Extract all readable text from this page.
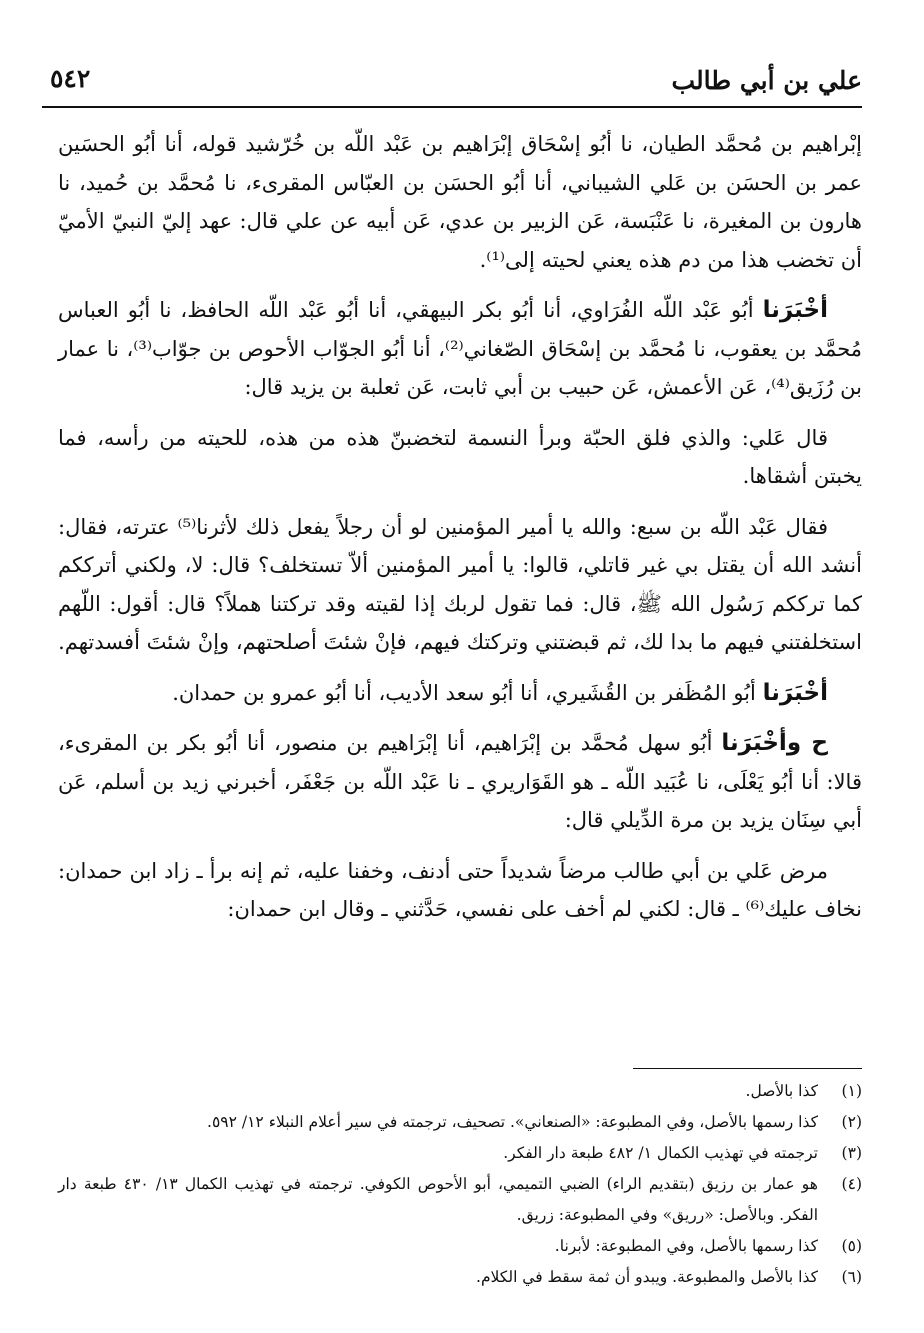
علي بن أبي طالب
٥٤٢

إبْراهيم بن مُحمَّد الطيان، نا أبُو إسْحَاق إبْرَاهيم بن عَبْد اللّه بن خُرّشيد قوله، أنا أبُو الحسَين عمر بن الحسَن بن عَلي الشيباني، أنا أبُو الحسَن بن العبّاس المقرىء، نا مُحمَّد بن حُميد، نا هارون بن المغيرة، نا عَنْبَسة، عَن الزبير بن عدي، عَن أبيه عن علي قال: عهد إليّ النبيّ الأميّ أن تخضب هذا من دم هذه يعني لحيته إلى⁽¹⁾.

أخْبَرَنا أبُو عَبْد اللّه الفُرَاوي، أنا أبُو بكر البيهقي، أنا أبُو عَبْد اللّه الحافظ، نا أبُو العباس مُحمَّد بن يعقوب، نا مُحمَّد بن إسْحَاق الصّغاني⁽²⁾، أنا أبُو الجوّاب الأحوص بن جوّاب⁽³⁾، نا عمار بن رُزَيق⁽⁴⁾، عَن الأعمش، عَن حبيب بن أبي ثابت، عَن ثعلبة بن يزيد قال:

قال عَلي: والذي فلق الحبّة وبرأ النسمة لتخضبنّ هذه من هذه، للحيته من رأسه، فما يخبتن أشقاها.

فقال عَبْد اللّه بن سبع: والله يا أمير المؤمنين لو أن رجلاً يفعل ذلك لأثرنا⁽⁵⁾ عترته، فقال: أنشد الله أن يقتل بي غير قاتلي، قالوا: يا أمير المؤمنين ألاّ تستخلف؟ قال: لا، ولكني أترككم كما ترككم رَسُول الله ﷺ، قال: فما تقول لربك إذا لقيته وقد تركتنا هملاً؟ قال: أقول: اللّهم استخلفتني فيهم ما بدا لك، ثم قبضتني وتركتك فيهم، فإنْ شئتَ أصلحتهم، وإنْ شئتَ أفسدتهم.

أخْبَرَنا أبُو المُظَفر بن القُشَيري، أنا أبُو سعد الأديب، أنا أبُو عمرو بن حمدان.

ح وأخْبَرَنا أبُو سهل مُحمَّد بن إبْرَاهيم، أنا إبْرَاهيم بن منصور، أنا أبُو بكر بن المقرىء، قالا: أنا أبُو يَعْلَى، نا عُبَيد اللّه ـ هو القَوَاريري ـ نا عَبْد اللّه بن جَعْفَر، أخبرني زيد بن أسلم، عَن أبي سِنَان يزيد بن مرة الدِّيلي قال:

مرض عَلي بن أبي طالب مرضاً شديداً حتى أدنف، وخفنا عليه، ثم إنه برأ ـ زاد ابن حمدان: نخاف عليك⁽⁶⁾ ـ قال: لكني لم أخف على نفسي، حَدَّثني ـ وقال ابن حمدان:

(١)
كذا بالأصل.
(٢)
كذا رسمها بالأصل، وفي المطبوعة: «الصنعاني». تصحيف، ترجمته في سير أعلام النبلاء ١٢/ ٥٩٢.
(٣)
ترجمته في تهذيب الكمال ١/ ٤٨٢ طبعة دار الفكر.
(٤)
هو عمار بن رزيق (بتقديم الراء) الضبي التميمي، أبو الأحوص الكوفي. ترجمته في تهذيب الكمال ١٣/ ٤٣٠ طبعة دار الفكر. وبالأصل: «رريق» وفي المطبوعة: زريق.
(٥)
كذا رسمها بالأصل، وفي المطبوعة: لأبرنا.
(٦)
كذا بالأصل والمطبوعة. ويبدو أن ثمة سقط في الكلام.
